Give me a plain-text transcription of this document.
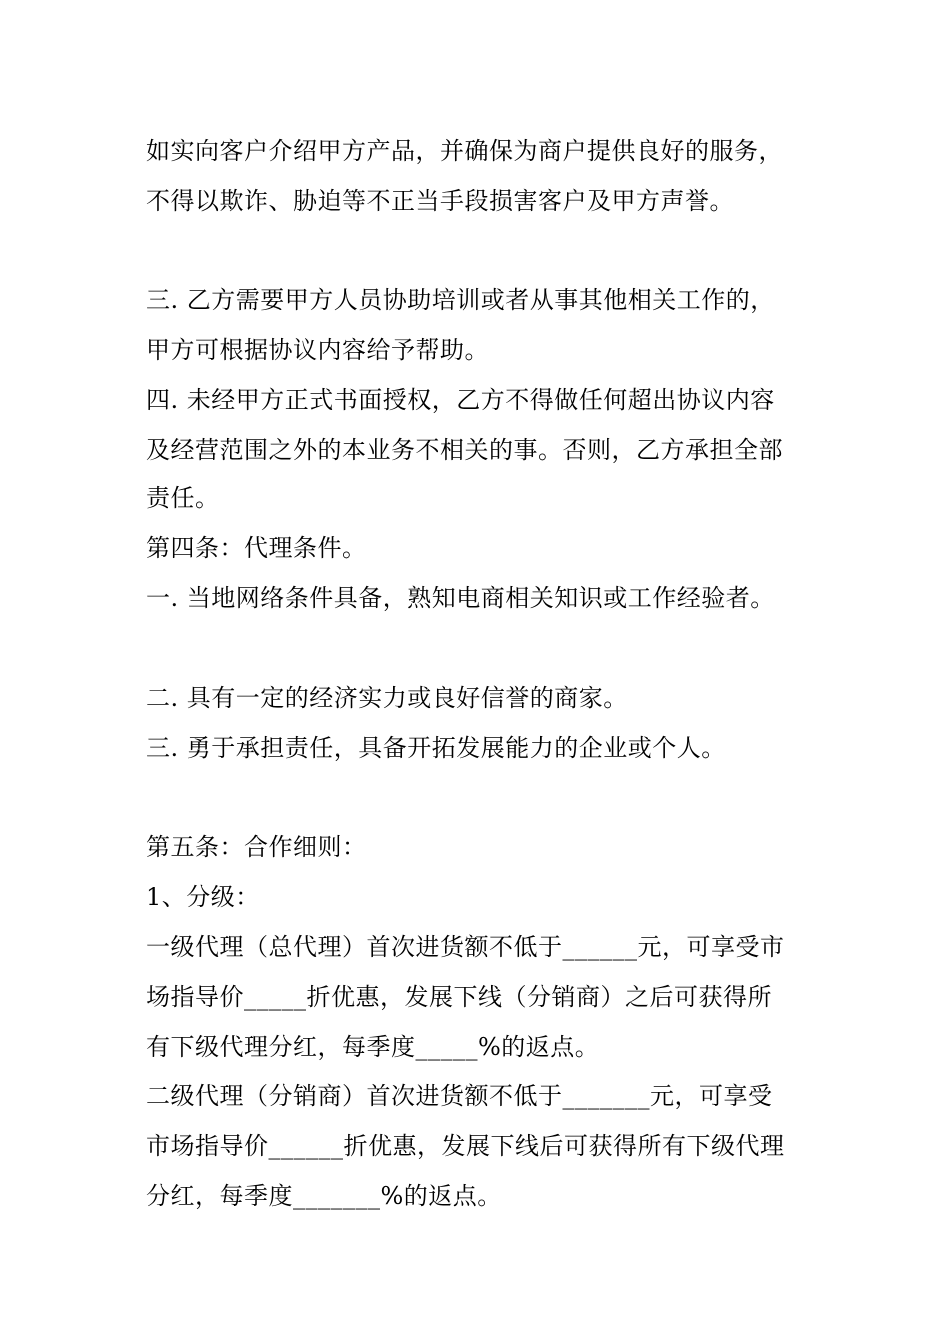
如实向客户介绍甲方产品，并确保为商户提供良好的服务，
不得以欺诈、胁迫等不正当手段损害客户及甲方声誉。
三. 乙方需要甲方人员协助培训或者从事其他相关工作的，
甲方可根据协议内容给予帮助。
四. 未经甲方正式书面授权，乙方不得做任何超出协议内容
及经营范围之外的本业务不相关的事。否则，乙方承担全部
责任。
第四条：代理条件。
一. 当地网络条件具备，熟知电商相关知识或工作经验者。
二. 具有一定的经济实力或良好信誉的商家。
三. 勇于承担责任，具备开拓发展能力的企业或个人。
第五条：合作细则：
1、分级：
一级代理（总代理）首次进货额不低于______元，可享受市
场指导价_____折优惠，发展下线（分销商）之后可获得所
有下级代理分红，每季度_____%的返点。
二级代理（分销商）首次进货额不低于_______元，可享受
市场指导价______折优惠，发展下线后可获得所有下级代理
分红，每季度_______%的返点。
